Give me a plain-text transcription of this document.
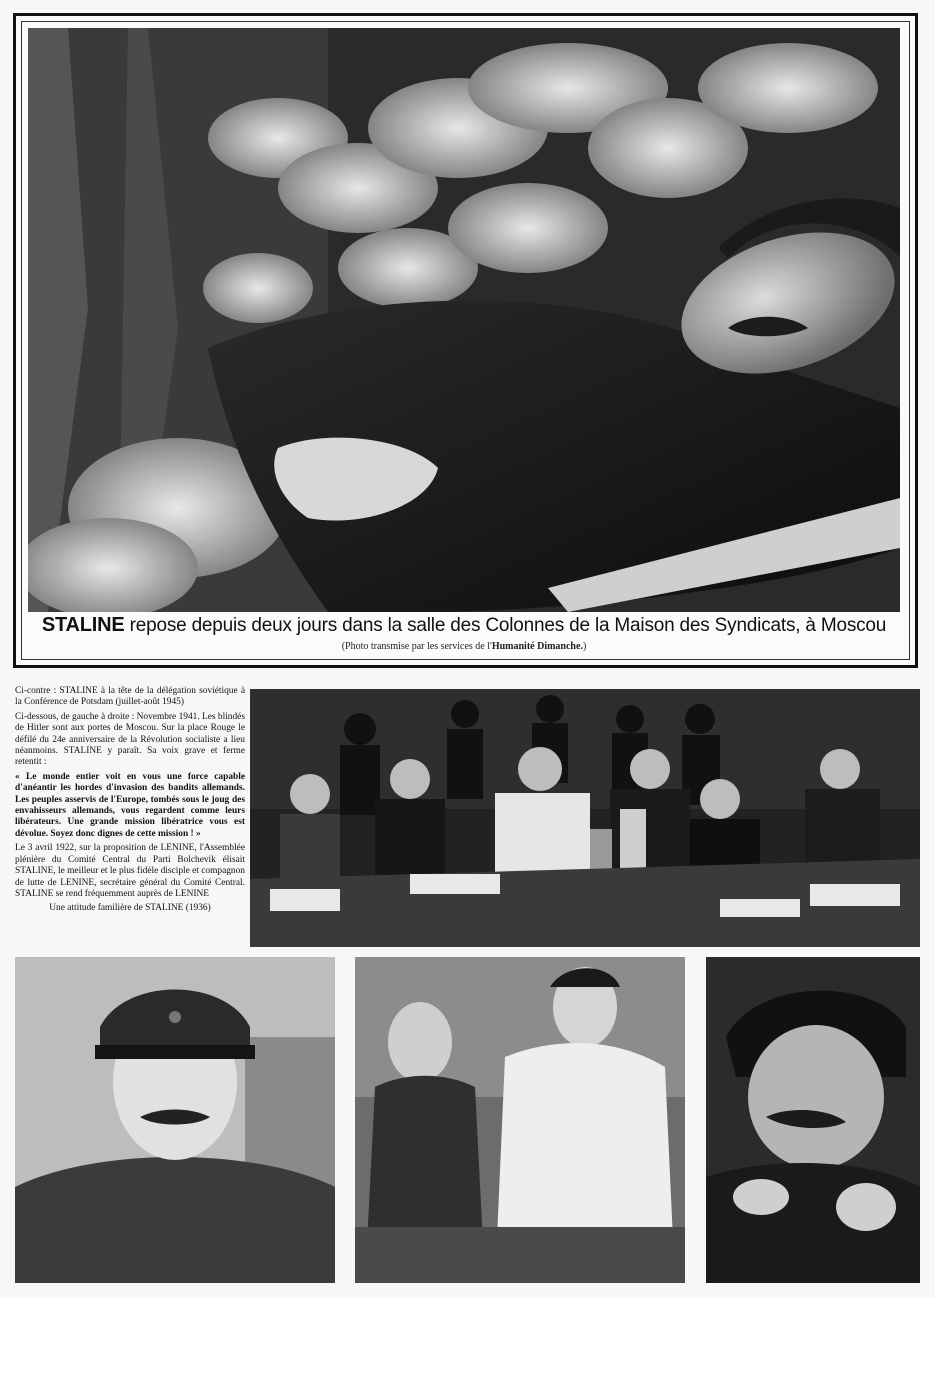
STALINE repose depuis deux jours dans la salle des Colonnes de la Maison des Syndicats, à Moscou
(Photo transmise par les services de l'Humanité Dimanche.)

Ci-contre : STALINE à la tête de la délégation soviétique à la Conférence de Potsdam (juillet-août 1945)

Ci-dessous, de gauche à droite : Novembre 1941. Les blindés de Hitler sont aux portes de Moscou. Sur la place Rouge le défilé du 24e anniversaire de la Révolution socialiste a lieu néanmoins. STALINE y paraît. Sa voix grave et ferme retentit :

« Le monde entier voit en vous une force capable d'anéantir les hordes d'invasion des bandits allemands. Les peuples asservis de l'Europe, tombés sous le joug des envahisseurs allemands, vous regardent comme leurs libérateurs. Une grande mission libératrice vous est dévolue. Soyez donc dignes de cette mission ! »

Le 3 avril 1922, sur la proposition de LENINE, l'Assemblée plénière du Comité Central du Parti Bolchevik élisait STALINE, le meilleur et le plus fidèle disciple et compagnon de lutte de LENINE, secrétaire général du Comité Central. STALINE se rend fréquemment auprès de LENINE

Une attitude familière de STALINE (1936)
